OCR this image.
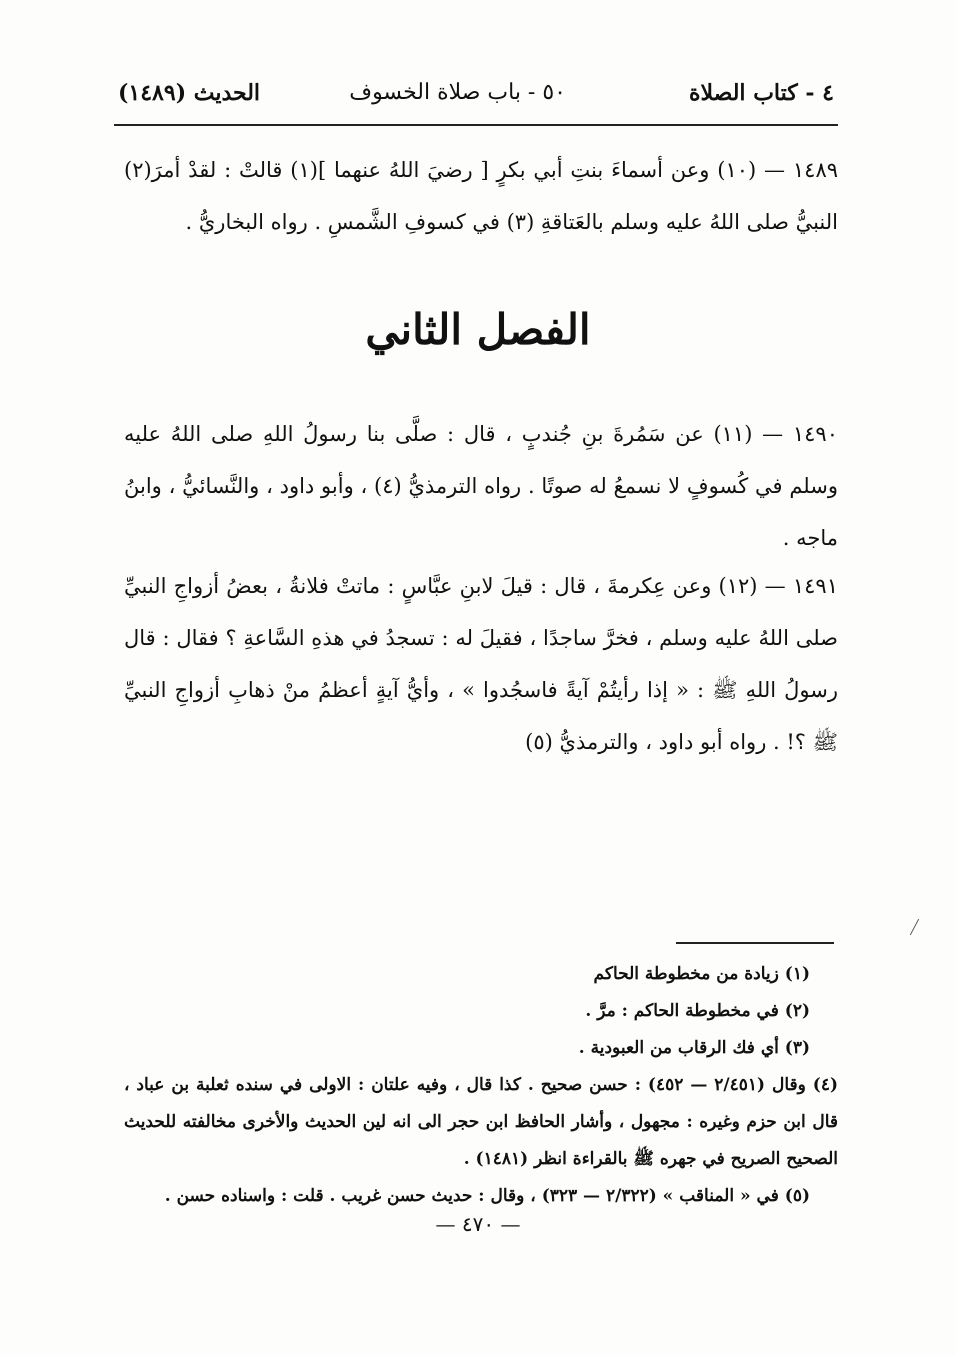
٤ - كتاب الصلاة
٥٠ - باب صلاة الخسوف
الحديث (١٤٨٩)
١٤٨٩ — (١٠) وعن أسماءَ بنتِ أبي بكرٍ [ رضيَ اللهُ عنهما ](١) قالتْ : لقدْ أمرَ(٢) النبيُّ صلى اللهُ عليه وسلم بالعَتاقةِ (٣) في كسوفِ الشَّمسِ . رواه البخاريُّ .
الفصل الثاني
١٤٩٠ — (١١) عن سَمُرةَ بنِ جُندبٍ ، قال : صلَّى بنا رسولُ اللهِ صلى اللهُ عليه وسلم في كُسوفٍ لا نسمعُ له صوتًا . رواه الترمذيُّ (٤) ، وأبو داود ، والنَّسائيُّ ، وابنُ ماجه .
١٤٩١ — (١٢) وعن عِكرمةَ ، قال : قيلَ لابنِ عبَّاسٍ : ماتتْ فلانةُ ، بعضُ أزواجِ النبيِّ صلى اللهُ عليه وسلم ، فخرَّ ساجدًا ، فقيلَ له : تسجدُ في هذهِ السَّاعةِ ؟ فقال : قال رسولُ اللهِ ﷺ : « إذا رأيتُمْ آيةً فاسجُدوا » ، وأيُّ آيةٍ أعظمُ منْ ذهابِ أزواجِ النبيِّ ﷺ ؟! . رواه أبو داود ، والترمذيُّ (٥)

(١) زيادة من مخطوطة الحاكم

(٢) في مخطوطة الحاكم : مرَّ .

(٣) أي فك الرقاب من العبودية .

(٤) وقال (٢/٤٥١ — ٤٥٢) : حسن صحيح . كذا قال ، وفيه علتان : الاولى في سنده ثعلبة بن عباد ، قال ابن حزم وغيره : مجهول ، وأشار الحافظ ابن حجر الى انه لين الحديث والأخرى مخالفته للحديث الصحيح الصريح في جهره ﷺ بالقراءة انظر (١٤٨١) .

(٥) في « المناقب » (٢/٣٢٢ — ٣٢٣) ، وقال : حديث حسن غريب . قلت : واسناده حسن .

— ٤٧٠ —
